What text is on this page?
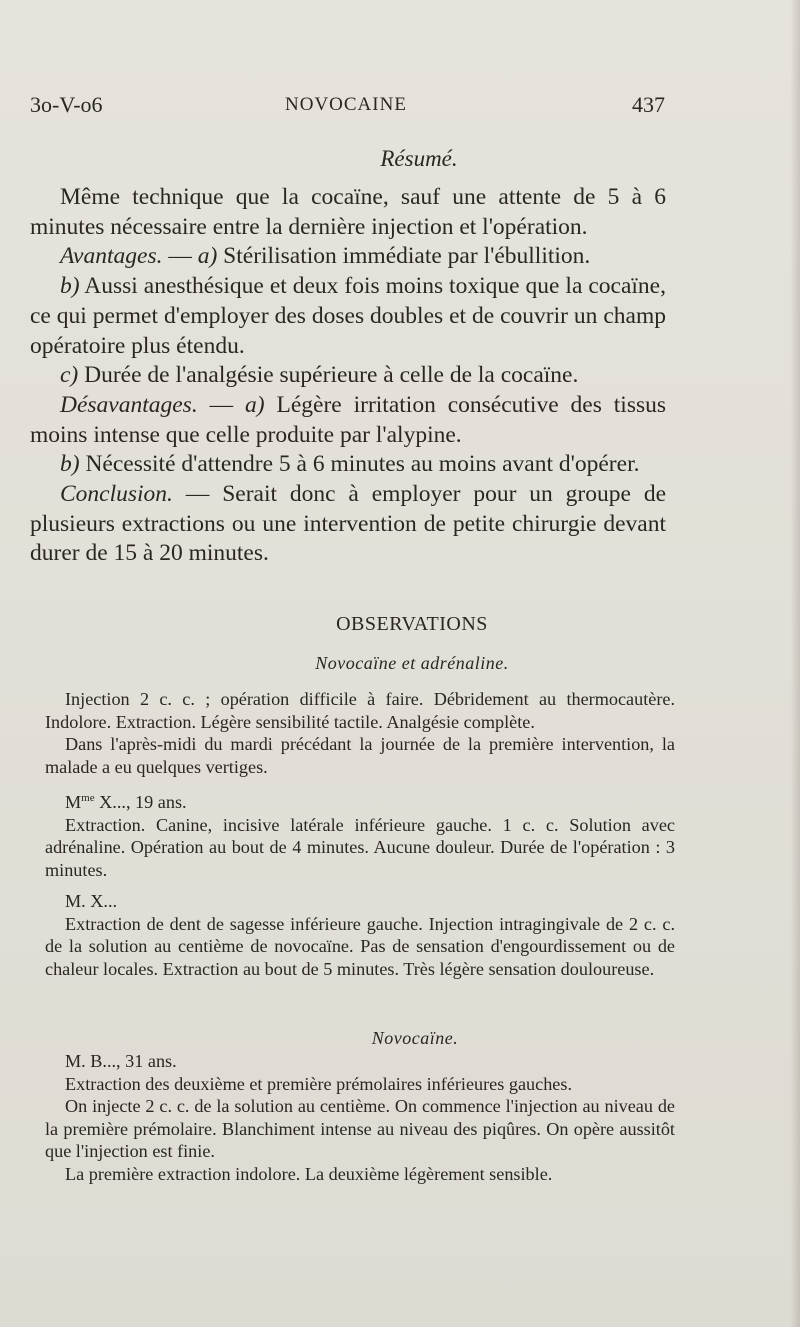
3o-V-o6	NOVOCAINE	437
Résumé.

Même technique que la cocaïne, sauf une attente de 5 à 6 minutes nécessaire entre la dernière injection et l'opération.

Avantages. — a) Stérilisation immédiate par l'ébullition.

b) Aussi anesthésique et deux fois moins toxique que la cocaïne, ce qui permet d'employer des doses doubles et de couvrir un champ opératoire plus étendu.

c) Durée de l'analgésie supérieure à celle de la cocaïne.

Désavantages. — a) Légère irritation consécutive des tissus moins intense que celle produite par l'alypine.

b) Nécessité d'attendre 5 à 6 minutes au moins avant d'opérer.

Conclusion. — Serait donc à employer pour un groupe de plusieurs extractions ou une intervention de petite chirurgie devant durer de 15 à 20 minutes.

OBSERVATIONS
Novocaïne et adrénaline.

Injection 2 c. c. ; opération difficile à faire. Débridement au thermocautère. Indolore. Extraction. Légère sensibilité tactile. Analgésie complète.

Dans l'après-midi du mardi précédant la journée de la première intervention, la malade a eu quelques vertiges.

$M^{me}$ X..., 19 ans.

Extraction. Canine, incisive latérale inférieure gauche. 1 c. c. Solution avec adrénaline. Opération au bout de 4 minutes. Aucune douleur. Durée de l'opération : 3 minutes.

M. X...

Extraction de dent de sagesse inférieure gauche. Injection intragingivale de 2 c. c. de la solution au centième de novocaïne. Pas de sensation d'engourdissement ou de chaleur locales. Extraction au bout de 5 minutes. Très légère sensation douloureuse.

Novocaïne.

M. B..., 31 ans.

Extraction des deuxième et première prémolaires inférieures gauches.

On injecte 2 c. c. de la solution au centième. On commence l'injection au niveau de la première prémolaire. Blanchiment intense au niveau des piqûres. On opère aussitôt que l'injection est finie.

La première extraction indolore. La deuxième légèrement sensible.
